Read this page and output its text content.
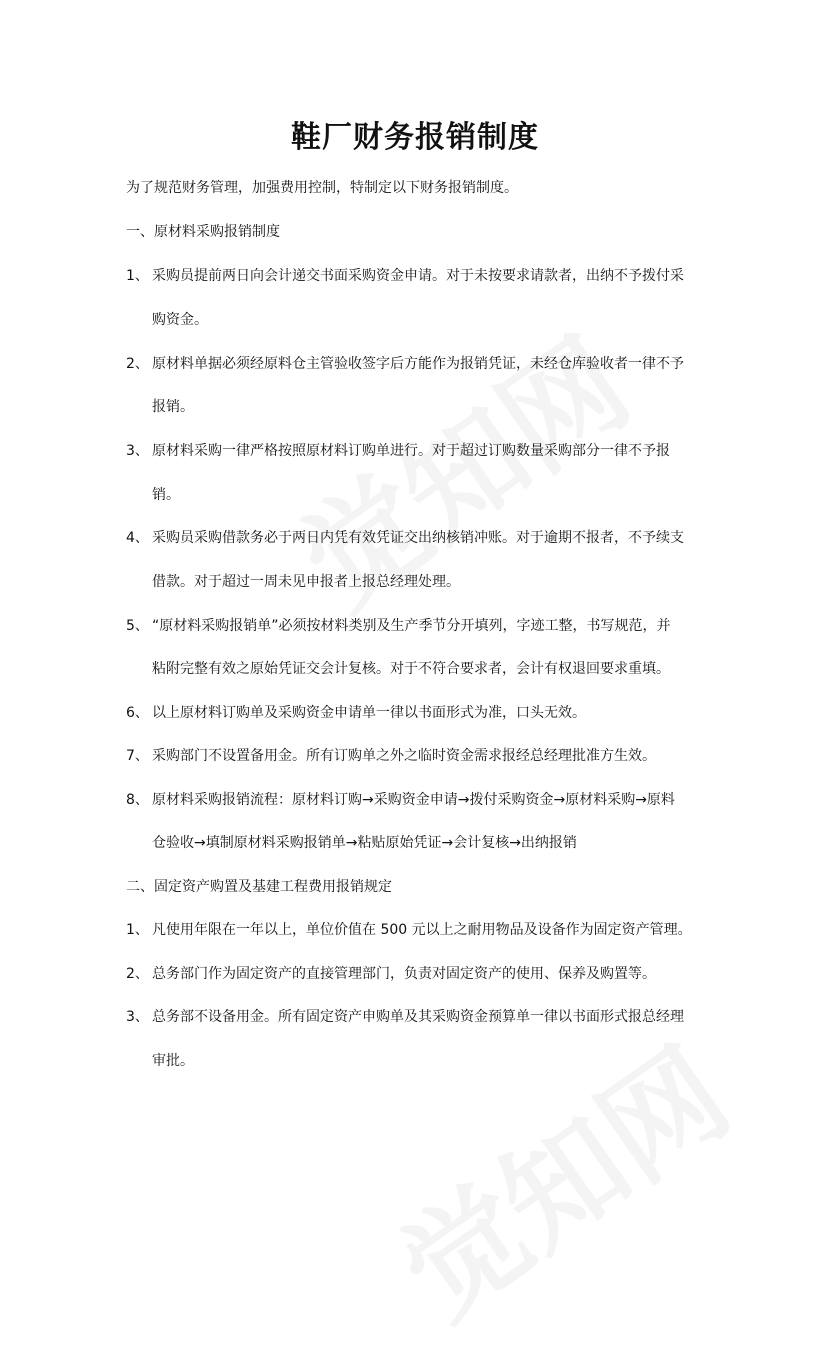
鞋厂财务报销制度
为了规范财务管理，加强费用控制，特制定以下财务报销制度。
一、原材料采购报销制度
1、 采购员提前两日向会计递交书面采购资金申请。对于未按要求请款者，出纳不予拨付采
购资金。
2、 原材料单据必须经原料仓主管验收签字后方能作为报销凭证，未经仓库验收者一律不予
报销。
3、 原材料采购一律严格按照原材料订购单进行。对于超过订购数量采购部分一律不予报
销。
4、 采购员采购借款务必于两日内凭有效凭证交出纳核销冲账。对于逾期不报者，不予续支
借款。对于超过一周未见申报者上报总经理处理。
5、 “原材料采购报销单”必须按材料类别及生产季节分开填列，字迹工整，书写规范，并
粘附完整有效之原始凭证交会计复核。对于不符合要求者，会计有权退回要求重填。
6、 以上原材料订购单及采购资金申请单一律以书面形式为准，口头无效。
7、 采购部门不设置备用金。所有订购单之外之临时资金需求报经总经理批准方生效。
8、 原材料采购报销流程：原材料订购→采购资金申请→拨付采购资金→原材料采购→原料
仓验收→填制原材料采购报销单→粘贴原始凭证→会计复核→出纳报销
二、固定资产购置及基建工程费用报销规定
1、 凡使用年限在一年以上，单位价值在 500 元以上之耐用物品及设备作为固定资产管理。
2、 总务部门作为固定资产的直接管理部门，负责对固定资产的使用、保养及购置等。
3、 总务部不设备用金。所有固定资产申购单及其采购资金预算单一律以书面形式报总经理
审批。
